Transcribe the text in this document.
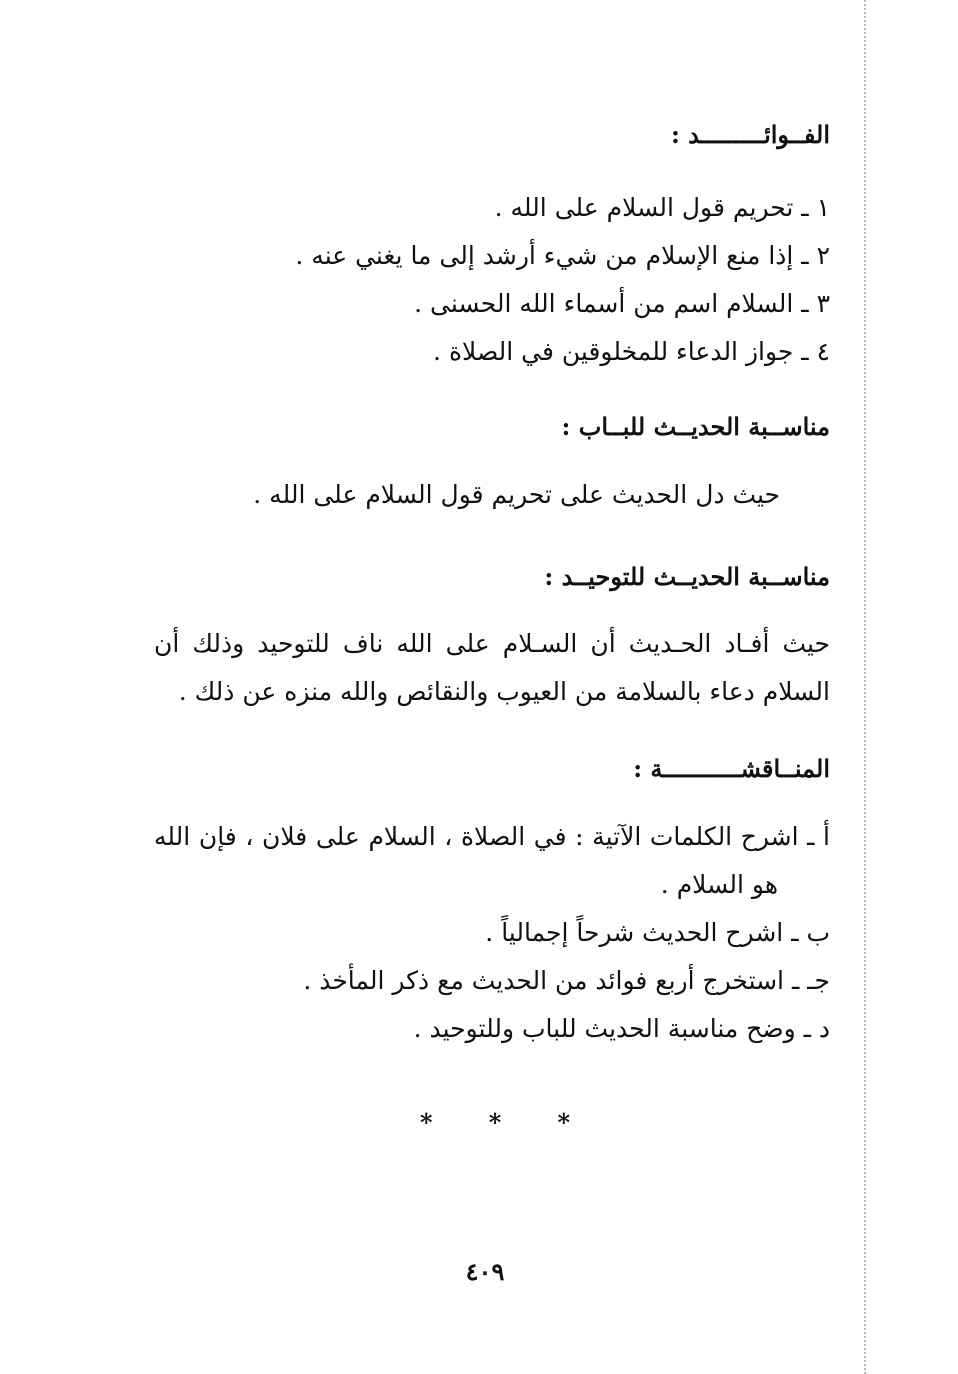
الفــوائـــــــــد :
١ ـ تحريم قول السلام على الله .
٢ ـ إذا منع الإسلام من شيء أرشد إلى ما يغني عنه .
٣ ـ السلام اسم من أسماء الله الحسنى .
٤ ـ جواز الدعاء للمخلوقين في الصلاة .
مناســبة الحديــث للبــاب :
حيث دل الحديث على تحريم قول السلام على الله .
مناســبة الحديــث للتوحيــد :
حيث أفـاد الحـديث أن السـلام على الله ناف للتوحيد وذلك أن
السلام دعاء بالسلامة من العيوب والنقائص والله منزه عن ذلك .
المنــاقشـــــــــــة :
أ ـ اشرح الكلمات الآتية : في الصلاة ، السلام على فلان ، فإن الله
هو السلام .
ب ـ اشرح الحديث شرحاً إجمالياً .
جـ ـ استخرج أربع فوائد من الحديث مع ذكر المأخذ .
د ـ وضح مناسبة الحديث للباب وللتوحيد .
*
*
*
٤٠٩
